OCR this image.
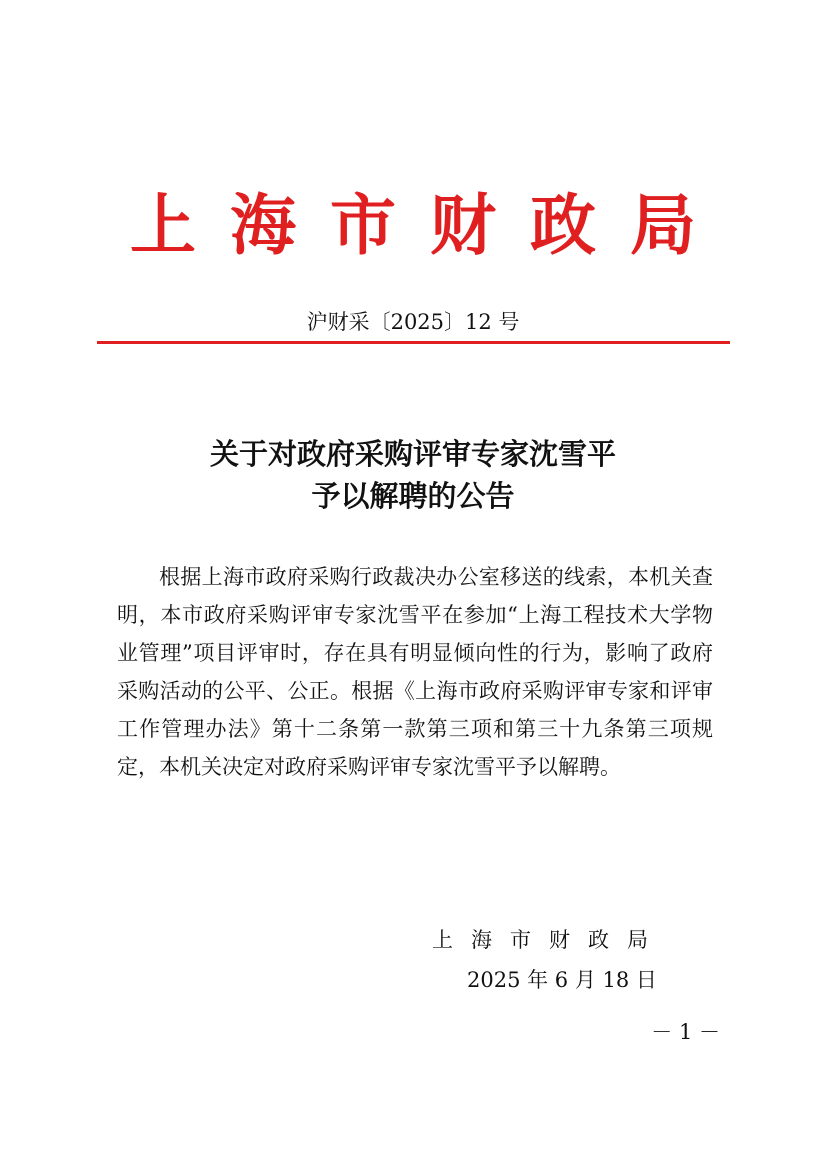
上海市财政局
沪财采〔2025〕12 号
关于对政府采购评审专家沈雪平
予以解聘的公告

根据上海市政府采购行政裁决办公室移送的线索，本机关查明，本市政府采购评审专家沈雪平在参加“上海工程技术大学物业管理”项目评审时，存在具有明显倾向性的行为，影响了政府采购活动的公平、公正。根据《上海市政府采购评审专家和评审工作管理办法》第十二条第一款第三项和第三十九条第三项规定，本机关决定对政府采购评审专家沈雪平予以解聘。

上海市财政局
2025 年 6 月 18 日
－ 1 －
